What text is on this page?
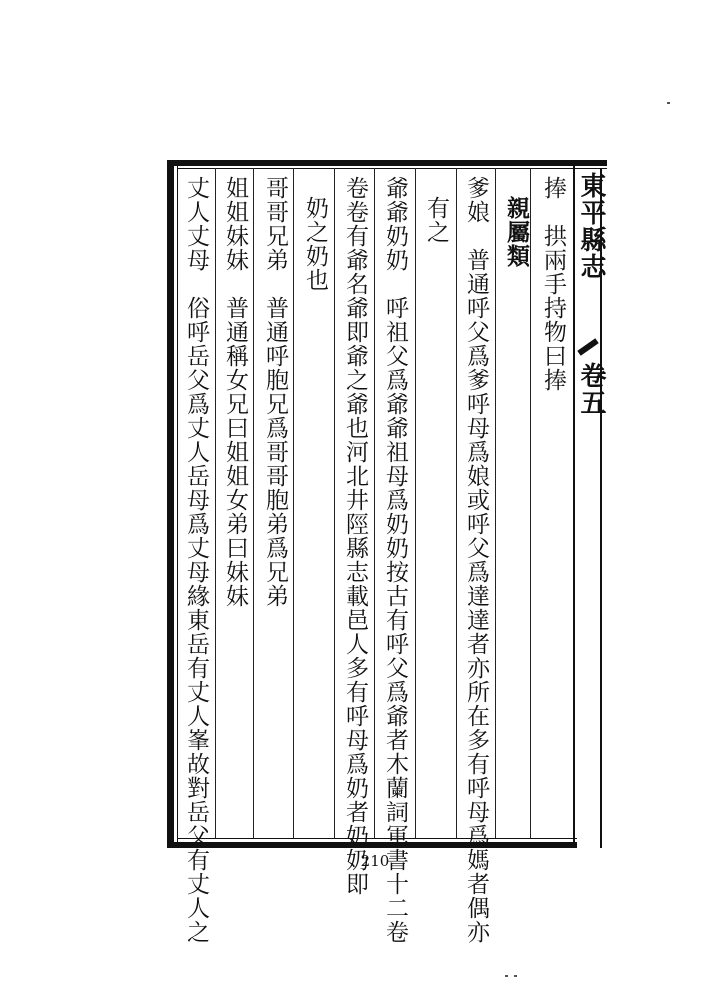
東平縣志
卷五
捧　拱兩手持物曰捧
親屬類
爹娘　普通呼父爲爹呼母爲娘或呼父爲達達者亦所在多有呼母爲媽者偶亦
有之
爺爺奶奶　呼祖父爲爺爺祖母爲奶奶按古有呼父爲爺者木蘭詞軍書十二卷
卷卷有爺名爺即爺之爺也河北井陘縣志載邑人多有呼母爲奶者奶奶即
奶之奶也
哥哥兄弟　普通呼胞兄爲哥哥胞弟爲兄弟
姐姐妹妹　普通稱女兄曰姐姐女弟曰妹妹
丈人丈母　俗呼岳父爲丈人岳母爲丈母緣東岳有丈人峯故對岳父有丈人之	210
